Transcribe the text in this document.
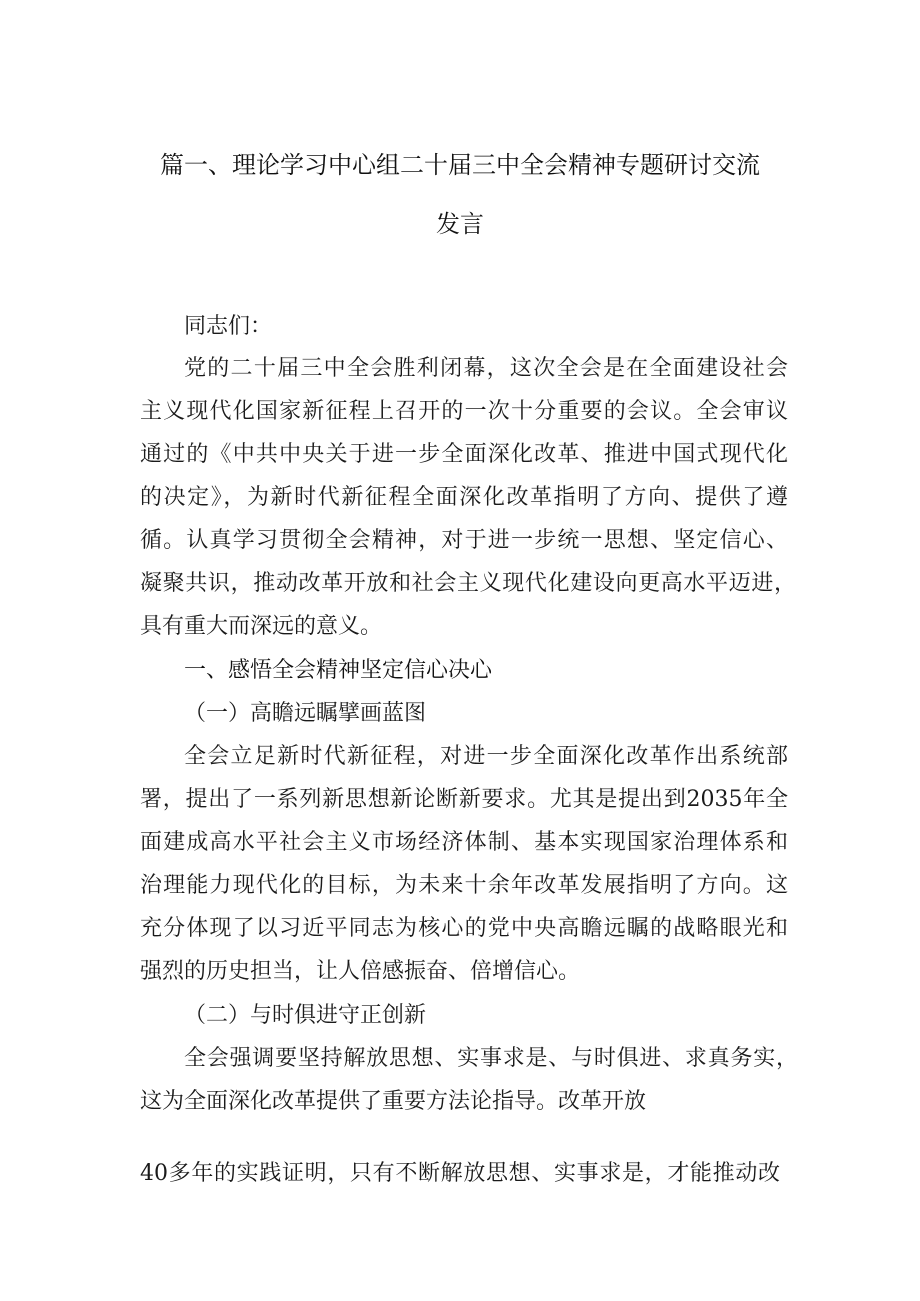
篇一、理论学习中心组二十届三中全会精神专题研讨交流
发言
同志们：
党的二十届三中全会胜利闭幕，这次全会是在全面建设社会
主义现代化国家新征程上召开的一次十分重要的会议。全会审议
通过的《中共中央关于进一步全面深化改革、推进中国式现代化
的决定》，为新时代新征程全面深化改革指明了方向、提供了遵
循。认真学习贯彻全会精神，对于进一步统一思想、坚定信心、
凝聚共识，推动改革开放和社会主义现代化建设向更高水平迈进，
具有重大而深远的意义。
一、感悟全会精神坚定信心决心
（一）高瞻远瞩擘画蓝图
全会立足新时代新征程，对进一步全面深化改革作出系统部
署，提出了一系列新思想新论断新要求。尤其是提出到2035年全
面建成高水平社会主义市场经济体制、基本实现国家治理体系和
治理能力现代化的目标，为未来十余年改革发展指明了方向。这
充分体现了以习近平同志为核心的党中央高瞻远瞩的战略眼光和
强烈的历史担当，让人倍感振奋、倍增信心。
（二）与时俱进守正创新
全会强调要坚持解放思想、实事求是、与时俱进、求真务实，
这为全面深化改革提供了重要方法论指导。改革开放
40多年的实践证明，只有不断解放思想、实事求是，才能推动改
